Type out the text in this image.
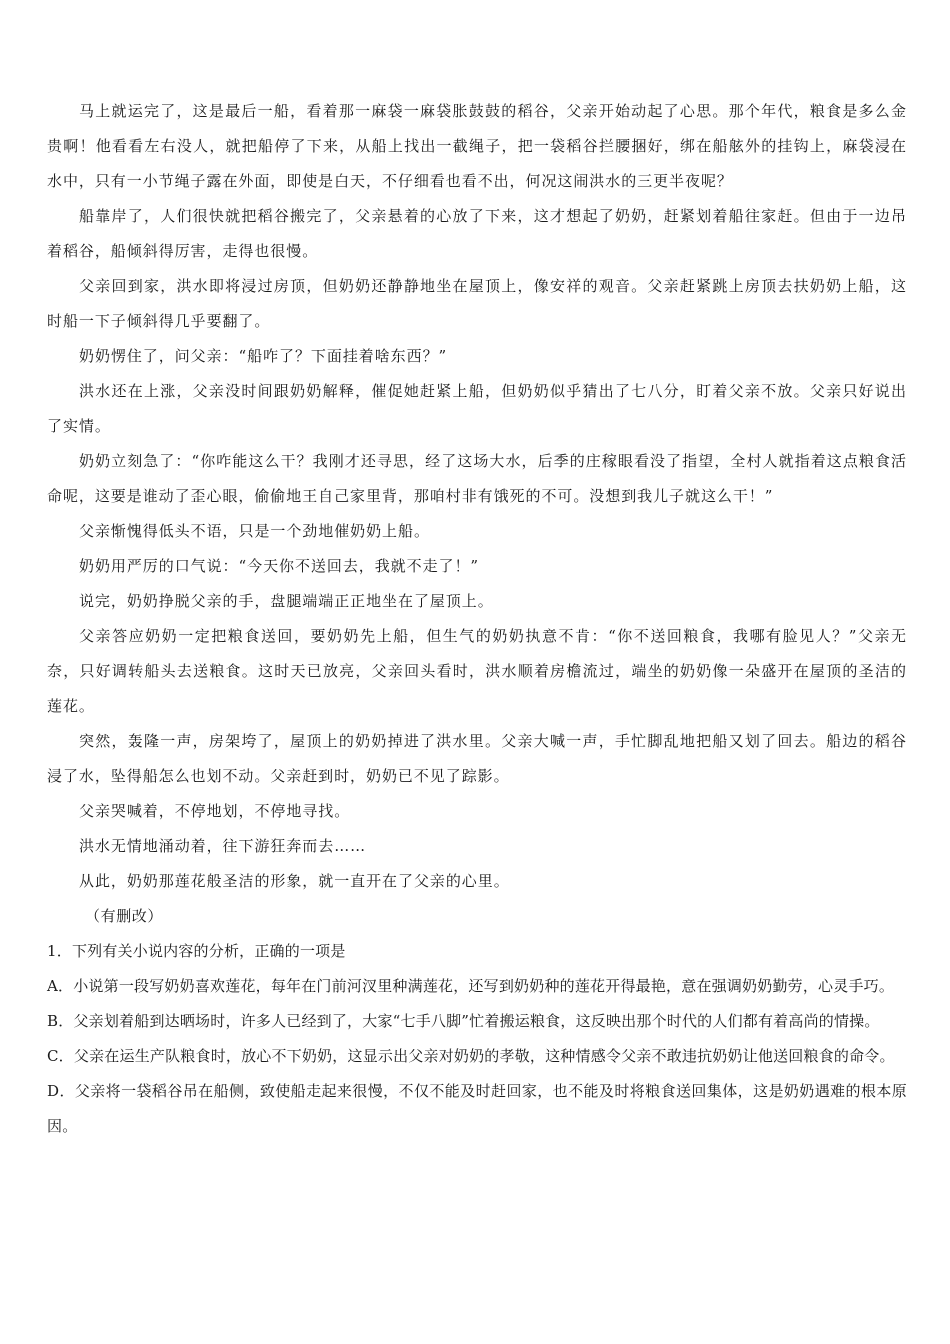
马上就运完了，这是最后一船，看着那一麻袋一麻袋胀鼓鼓的稻谷，父亲开始动起了心思。那个年代，粮食是多么金贵啊！他看看左右没人，就把船停了下来，从船上找出一截绳子，把一袋稻谷拦腰捆好，绑在船舷外的挂钩上，麻袋浸在水中，只有一小节绳子露在外面，即使是白天，不仔细看也看不出，何况这闹洪水的三更半夜呢？

船靠岸了，人们很快就把稻谷搬完了，父亲悬着的心放了下来，这才想起了奶奶，赶紧划着船往家赶。但由于一边吊着稻谷，船倾斜得厉害，走得也很慢。

父亲回到家，洪水即将浸过房顶，但奶奶还静静地坐在屋顶上，像安祥的观音。父亲赶紧跳上房顶去扶奶奶上船，这时船一下子倾斜得几乎要翻了。

奶奶愣住了，问父亲：“船咋了？下面挂着啥东西？”

洪水还在上涨，父亲没时间跟奶奶解释，催促她赶紧上船，但奶奶似乎猜出了七八分，盯着父亲不放。父亲只好说出了实情。

奶奶立刻急了：“你咋能这么干？我刚才还寻思，经了这场大水，后季的庄稼眼看没了指望，全村人就指着这点粮食活命呢，这要是谁动了歪心眼，偷偷地王自己家里背，那咱村非有饿死的不可。没想到我儿子就这么干！”

父亲惭愧得低头不语，只是一个劲地催奶奶上船。

奶奶用严厉的口气说：“今天你不送回去，我就不走了！”

说完，奶奶挣脱父亲的手，盘腿端端正正地坐在了屋顶上。

父亲答应奶奶一定把粮食送回，要奶奶先上船，但生气的奶奶执意不肯：“你不送回粮食，我哪有脸见人？”父亲无奈，只好调转船头去送粮食。这时天已放亮，父亲回头看时，洪水顺着房檐流过，端坐的奶奶像一朵盛开在屋顶的圣洁的莲花。

突然，轰隆一声，房架垮了，屋顶上的奶奶掉进了洪水里。父亲大喊一声，手忙脚乱地把船又划了回去。船边的稻谷浸了水，坠得船怎么也划不动。父亲赶到时，奶奶已不见了踪影。

父亲哭喊着，不停地划，不停地寻找。

洪水无情地涌动着，往下游狂奔而去……

从此，奶奶那莲花般圣洁的形象，就一直开在了父亲的心里。

（有删改）

1．下列有关小说内容的分析，正确的一项是

A．小说第一段写奶奶喜欢莲花，每年在门前河汊里种满莲花，还写到奶奶种的莲花开得最艳，意在强调奶奶勤劳，心灵手巧。

B．父亲划着船到达晒场时，许多人已经到了，大家“七手八脚”忙着搬运粮食，这反映出那个时代的人们都有着高尚的情操。

C．父亲在运生产队粮食时，放心不下奶奶，这显示出父亲对奶奶的孝敬，这种情感令父亲不敢违抗奶奶让他送回粮食的命令。

D．父亲将一袋稻谷吊在船侧，致使船走起来很慢，不仅不能及时赶回家，也不能及时将粮食送回集体，这是奶奶遇难的根本原因。
